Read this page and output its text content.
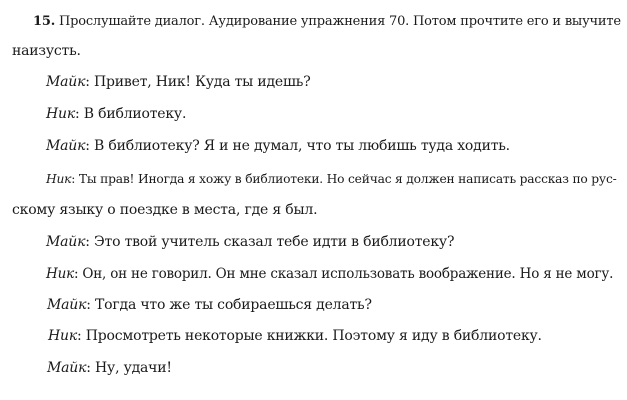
15. Прослушайте диалог. Аудирование упражнения 70. Потом прочтите его и выучите
наизусть.
Майк: Привет, Ник! Куда ты идешь?
Ник: В библиотеку.
Майк: В библиотеку? Я и не думал, что ты любишь туда ходить.
Ник: Ты прав! Иногда я хожу в библиотеки. Но сейчас я должен написать рассказ по рус-
скому языку о поездке в места, где я был.
Майк: Это твой учитель сказал тебе идти в библиотеку?
Ник: Он, он не говорил. Он мне сказал использовать воображение. Но я не могу.
Майк: Тогда что же ты собираешься делать?
Ник: Просмотреть некоторые книжки. Поэтому я иду в библиотеку.
Майк: Ну, удачи!
